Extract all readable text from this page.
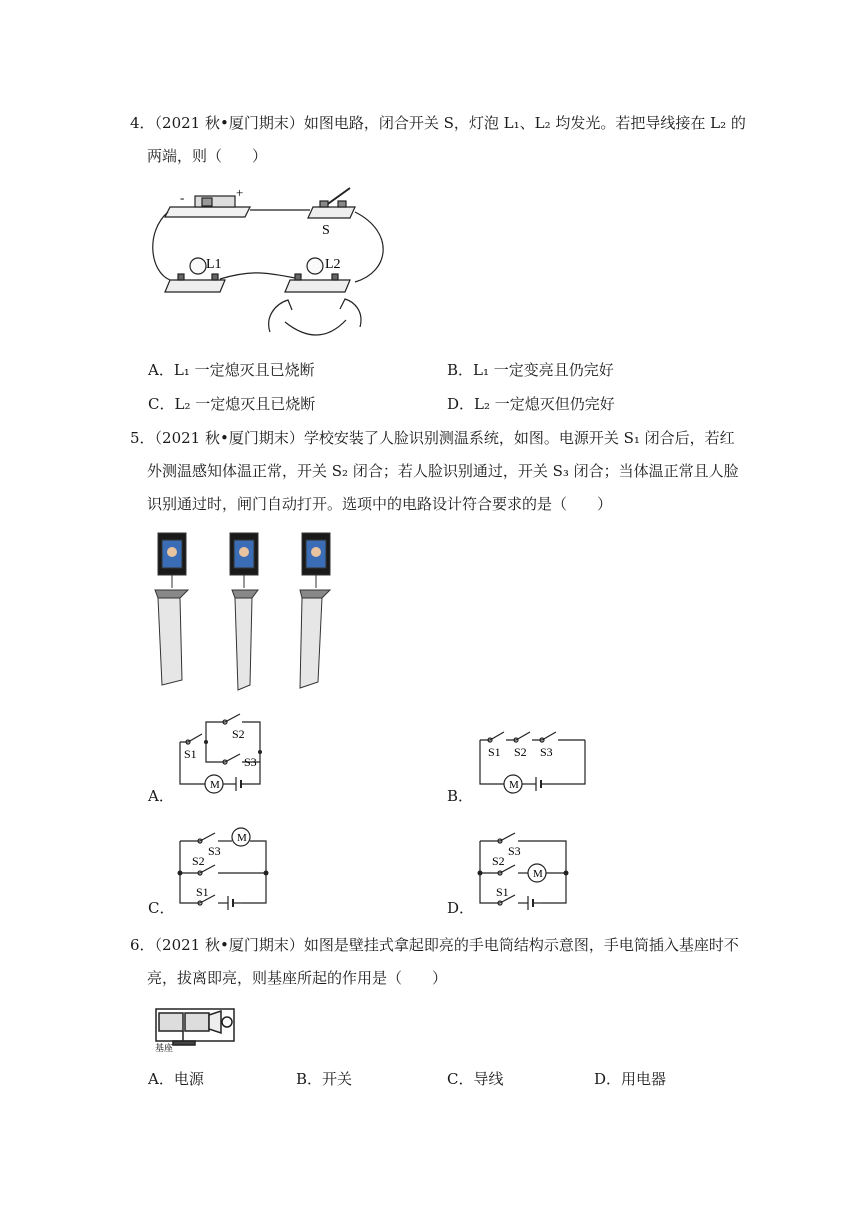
4．（2021 秋•厦门期末）如图电路，闭合开关 S，灯泡 L₁、L₂ 均发光。若把导线接在 L₂ 的
两端，则（　　）
-	+
S
L1	L2
A．L₁ 一定熄灭且已烧断	B．L₁ 一定变亮且仍完好
C．L₂ 一定熄灭且已烧断	D．L₂ 一定熄灭但仍完好
5．（2021 秋•厦门期末）学校安装了人脸识别测温系统，如图。电源开关 S₁ 闭合后，若红
外测温感知体温正常，开关 S₂ 闭合；若人脸识别通过，开关 S₃ 闭合；当体温正常且人脸
识别通过时，闸门自动打开。选项中的电路设计符合要求的是（　　）
A．
M
S1
S2
S3
B．
M
S1 S2 S3
C．
M
S3
S2
S1
D．
M
S3
S2
S1
6．（2021 秋•厦门期末）如图是壁挂式拿起即亮的手电筒结构示意图，手电筒插入基座时不
亮，拔离即亮，则基座所起的作用是（　　）
基座
A．电源	B．开关	C．导线	D．用电器
